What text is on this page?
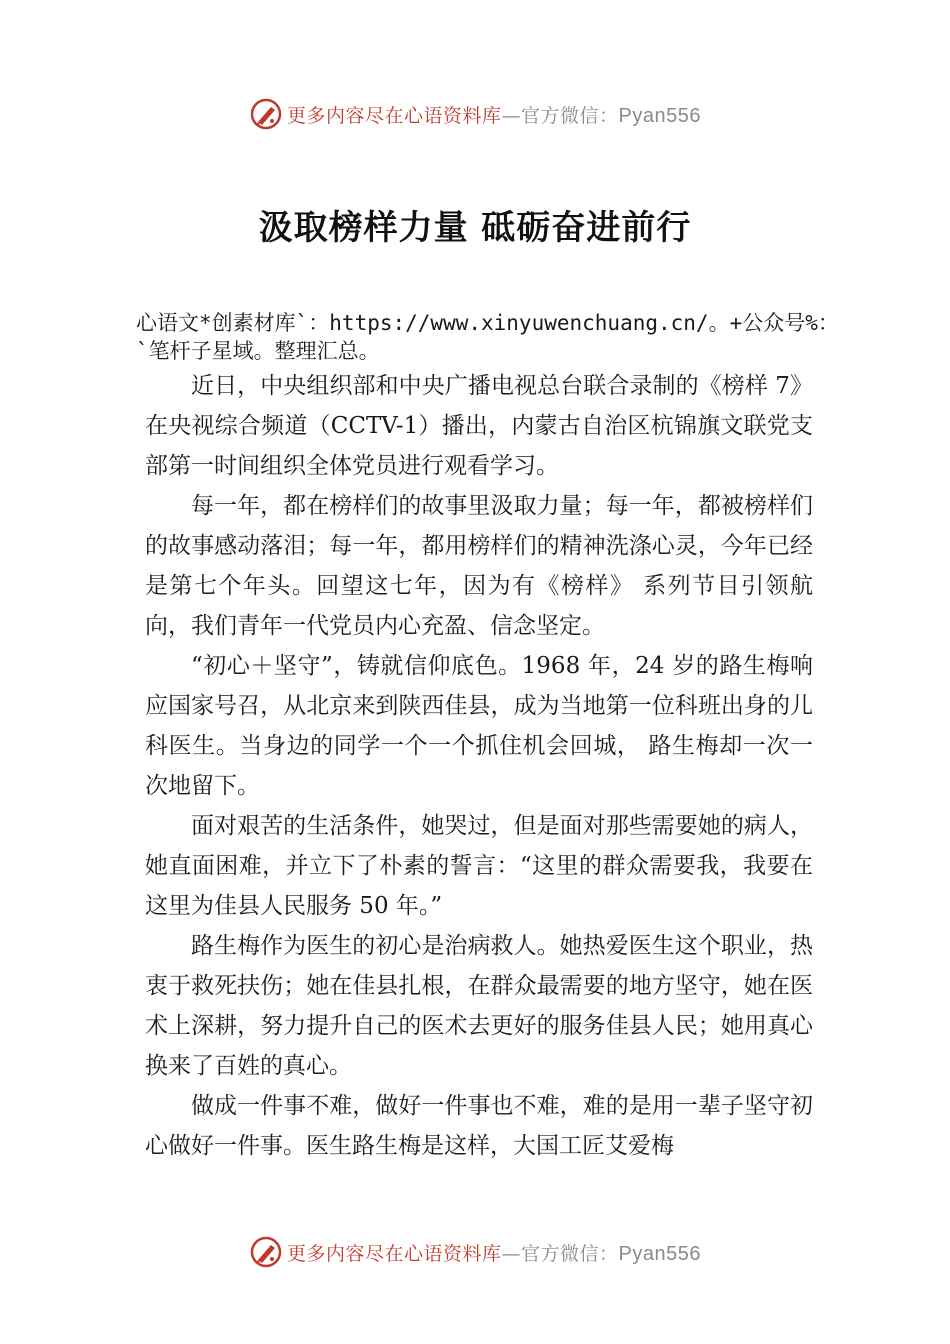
更多内容尽在心语资料库—官方微信：Pyan556
汲取榜样力量 砥砺奋进前行
心语文*创素材库`：https://www.xinyuwenchuang.cn/。+公众号%：`笔杆子星域。整理汇总。

近日，中央组织部和中央广播电视总台联合录制的《榜样 7》在央视综合频道（CCTV-1）播出，内蒙古自治区杭锦旗文联党支部第一时间组织全体党员进行观看学习。

每一年，都在榜样们的故事里汲取力量；每一年，都被榜样们的故事感动落泪；每一年，都用榜样们的精神洗涤心灵，今年已经是第七个年头。回望这七年，因为有《榜样》 系列节目引领航向，我们青年一代党员内心充盈、信念坚定。

“初心＋坚守”，铸就信仰底色。1968 年，24 岁的路生梅响应国家号召，从北京来到陕西佳县，成为当地第一位科班出身的儿科医生。当身边的同学一个一个抓住机会回城， 路生梅却一次一次地留下。

面对艰苦的生活条件，她哭过，但是面对那些需要她的病人，她直面困难，并立下了朴素的誓言：“这里的群众需要我，我要在这里为佳县人民服务 50 年。”

路生梅作为医生的初心是治病救人。她热爱医生这个职业，热衷于救死扶伤；她在佳县扎根，在群众最需要的地方坚守，她在医术上深耕，努力提升自己的医术去更好的服务佳县人民；她用真心换来了百姓的真心。

做成一件事不难，做好一件事也不难，难的是用一辈子坚守初心做好一件事。医生路生梅是这样，大国工匠艾爱梅

更多内容尽在心语资料库—官方微信：Pyan556
